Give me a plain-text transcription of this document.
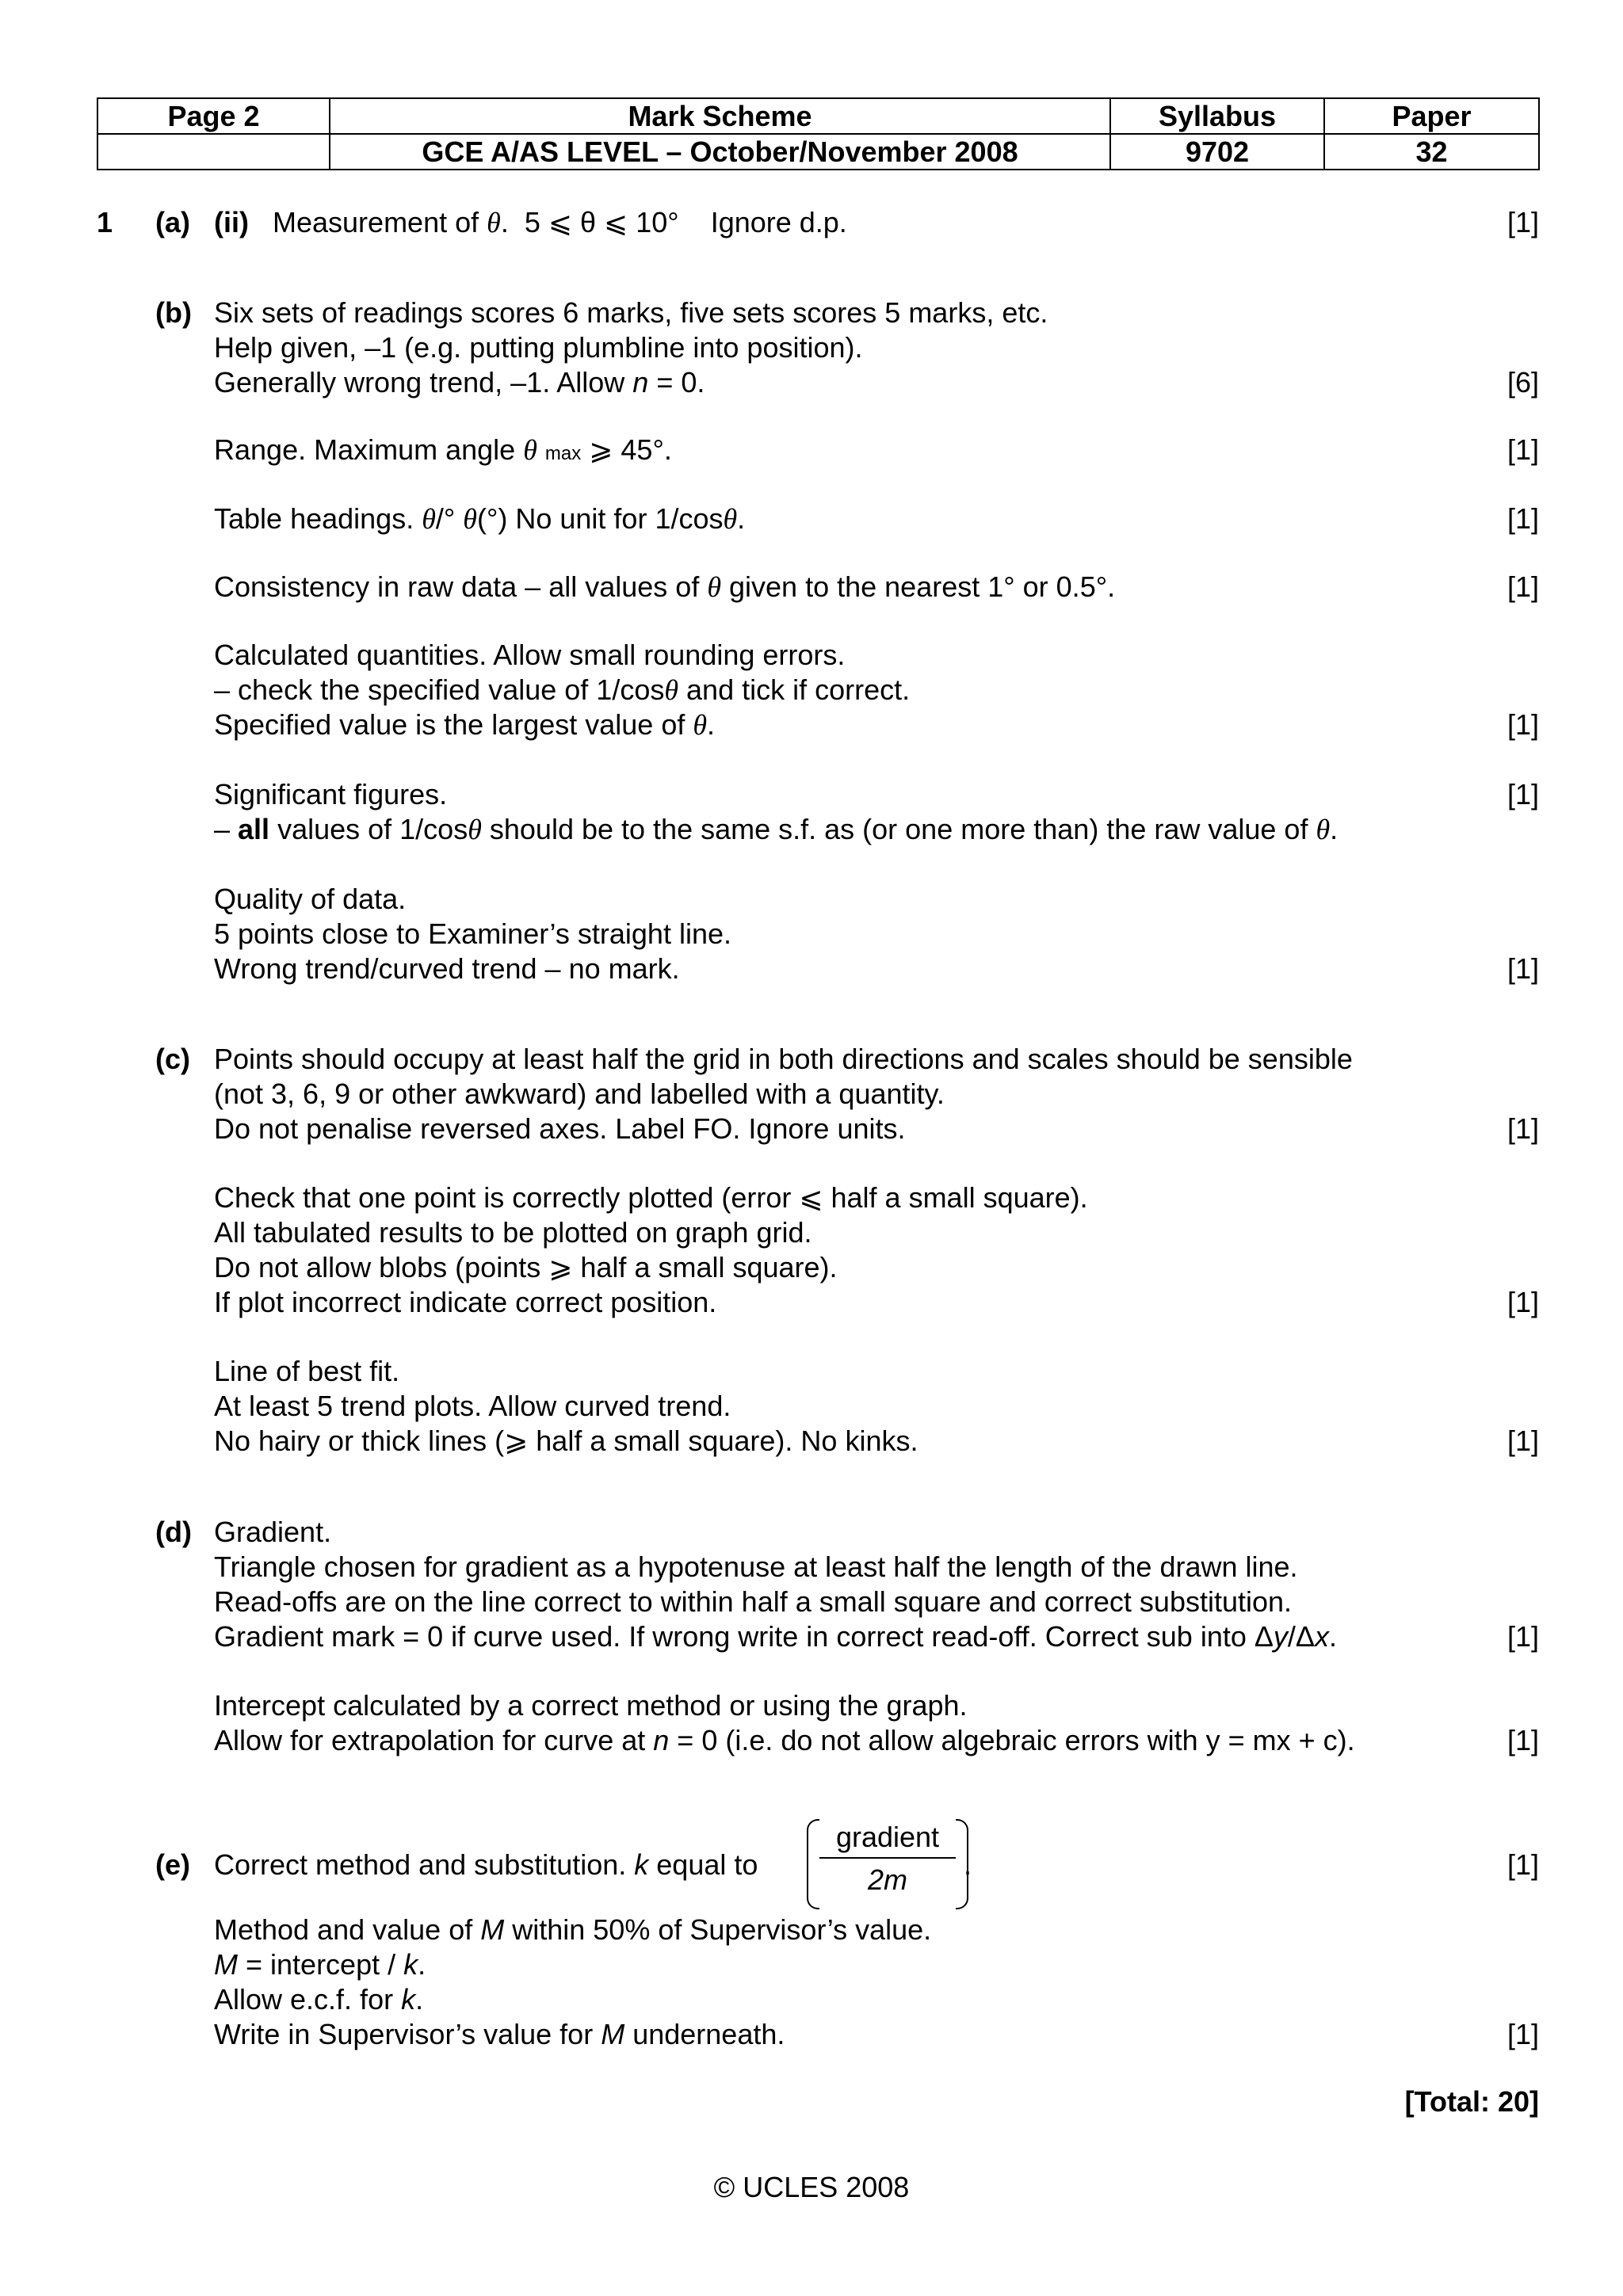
Page 2	Mark Scheme	Syllabus	Paper
	GCE A/AS LEVEL – October/November 2008	9702	32
1 (a) (ii) Measurement of θ.  5 ⩽ θ ⩽ 10° Ignore d.p.	[1]
(b) Six sets of readings scores 6 marks, five sets scores 5 marks, etc.
Help given, –1 (e.g. putting plumbline into position).
Generally wrong trend, –1. Allow n = 0.	[6]
Range. Maximum angle θ max ⩾ 45°.	[1]
Table headings. θ/° θ(°) No unit for 1/cosθ.	[1]
Consistency in raw data – all values of θ given to the nearest 1° or 0.5°.	[1]
Calculated quantities. Allow small rounding errors.
– check the specified value of 1/cosθ and tick if correct.
Specified value is the largest value of θ.	[1]
Significant figures.	[1]
– all values of 1/cosθ should be to the same s.f. as (or one more than) the raw value of θ.
Quality of data.
5 points close to Examiner’s straight line.
Wrong trend/curved trend – no mark.	[1]
(c) Points should occupy at least half the grid in both directions and scales should be sensible
(not 3, 6, 9 or other awkward) and labelled with a quantity.
Do not penalise reversed axes. Label FO. Ignore units.	[1]
Check that one point is correctly plotted (error ⩽ half a small square).
All tabulated results to be plotted on graph grid.
Do not allow blobs (points ⩾ half a small square).
If plot incorrect indicate correct position.	[1]
Line of best fit.
At least 5 trend plots. Allow curved trend.
No hairy or thick lines (⩾ half a small square). No kinks.	[1]
(d) Gradient.
Triangle chosen for gradient as a hypotenuse at least half the length of the drawn line.
Read-offs are on the line correct to within half a small square and correct substitution.
Gradient mark = 0 if curve used. If wrong write in correct read-off. Correct sub into Δy/Δx.	[1]
Intercept calculated by a correct method or using the graph.
Allow for extrapolation for curve at n = 0 (i.e. do not allow algebraic errors with y = mx + c).	[1]
(e) Correct method and substitution. k equal to
gradient
2m	.	[1]
Method and value of M within 50% of Supervisor’s value.
M = intercept / k.
Allow e.c.f. for k.
Write in Supervisor’s value for M underneath.	[1]
[Total: 20]
© UCLES 2008
